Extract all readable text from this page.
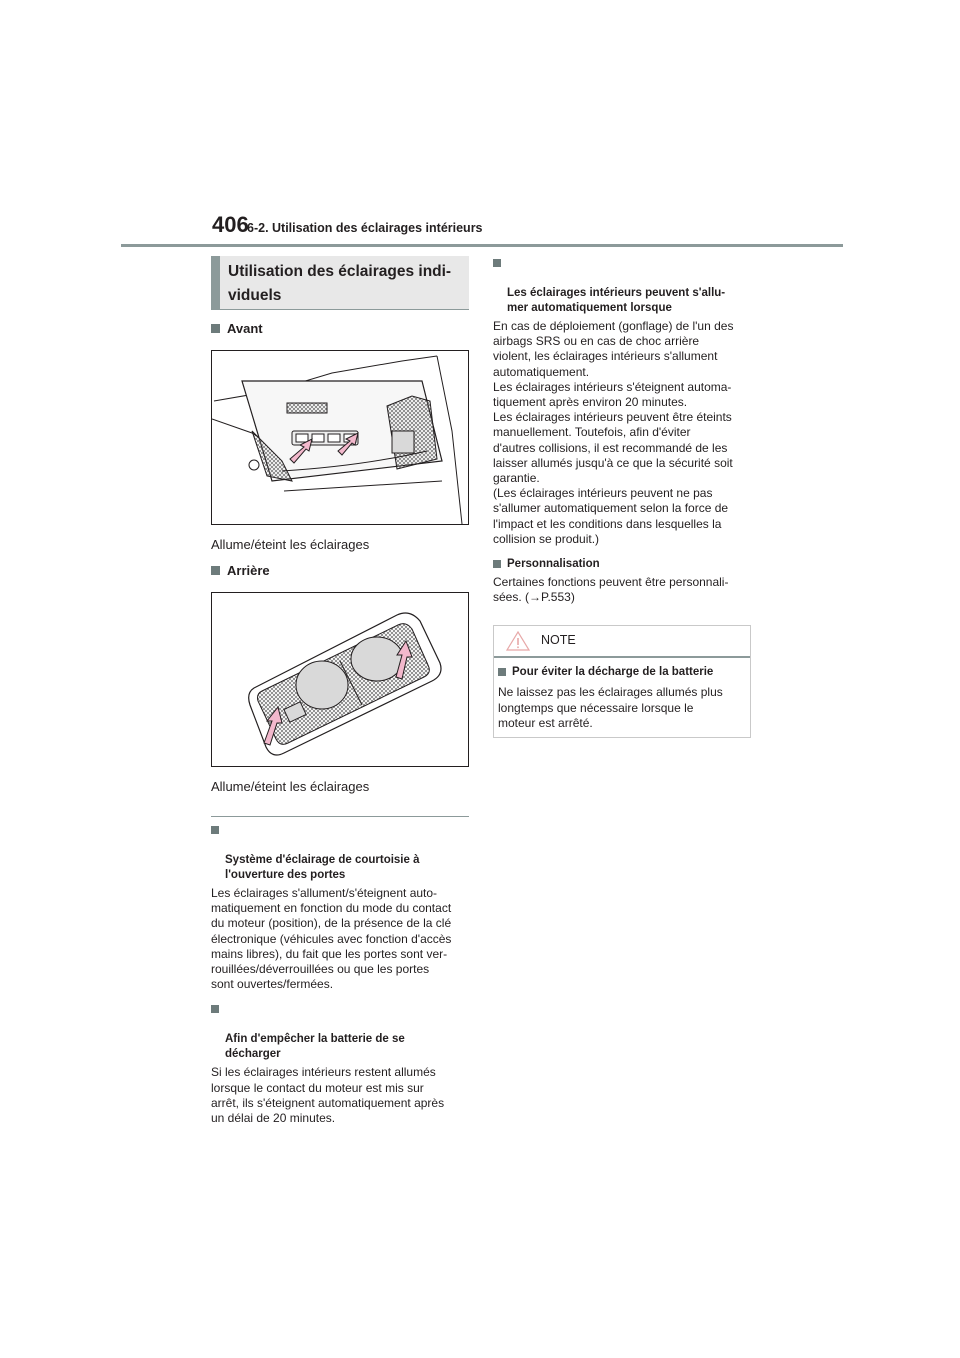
406
6-2. Utilisation des éclairages intérieurs
Utilisation des éclairages indi-
viduels
Avant
Allume/éteint les éclairages
Arrière
Allume/éteint les éclairages

Système d'éclairage de courtoisie à
l'ouverture des portes

Les éclairages s'allument/s'éteignent auto-
matiquement en fonction du mode du contact
du moteur (position), de la présence de la clé
électronique (véhicules avec fonction d'accès
mains libres), du fait que les portes sont ver-
rouillées/déverrouillées ou que les portes
sont ouvertes/fermées.

Afin d'empêcher la batterie de se
décharger

Si les éclairages intérieurs restent allumés
lorsque le contact du moteur est mis sur
arrêt, ils s'éteignent automatiquement après
un délai de 20 minutes.

Les éclairages intérieurs peuvent s'allu-
mer automatiquement lorsque

En cas de déploiement (gonflage) de l'un des
airbags SRS ou en cas de choc arrière
violent, les éclairages intérieurs s'allument
automatiquement.
Les éclairages intérieurs s'éteignent automa-
tiquement après environ 20 minutes.
Les éclairages intérieurs peuvent être éteints
manuellement. Toutefois, afin d'éviter
d'autres collisions, il est recommandé de les
laisser allumés jusqu'à ce que la sécurité soit
garantie.
(Les éclairages intérieurs peuvent ne pas
s'allumer automatiquement selon la force de
l'impact et les conditions dans lesquelles la
collision se produit.)
Personnalisation
Certaines fonctions peuvent être personnali-
sées. (→P.553)
NOTE
Pour éviter la décharge de la batterie
Ne laissez pas les éclairages allumés plus
longtemps que nécessaire lorsque le
moteur est arrêté.
